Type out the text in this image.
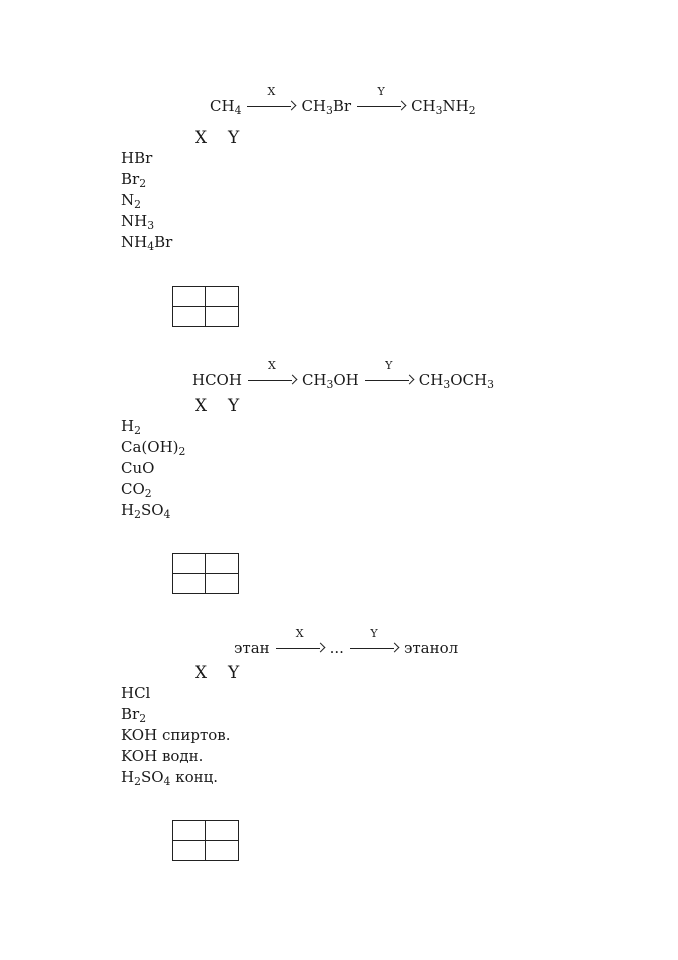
$CH_4$
X
$CH_3Br$
Y
$CH_3NH_2$
X Y
HBr
$Br_2$
$N_2$
$NH_3$
$NH_4Br$

HCOH
X
$CH_3OH$
Y
$CH_3OCH_3$
X Y
$H_2$
$Ca(OH)_2$
CuO
$CO_2$
$H_2SO_4$

этан
X
...
Y
этанол
X Y
HCl
$Br_2$
KOH спиртов.
KOH водн.
$H_2SO_4$ конц.
